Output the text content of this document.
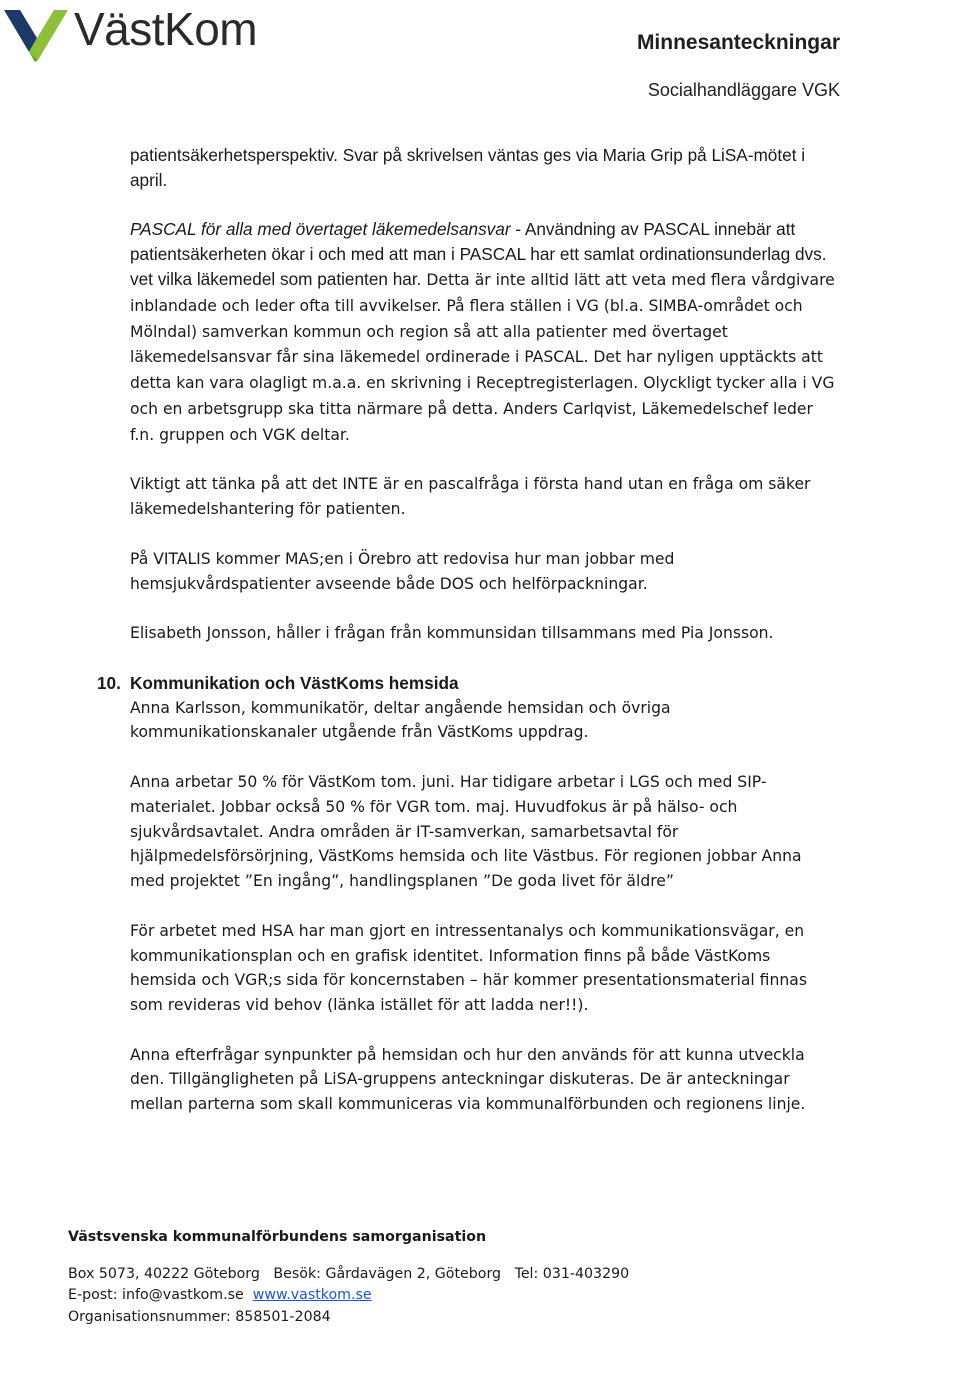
VästKom	Minnesanteckningar
Socialhandläggare VGK

patientsäkerhetsperspektiv. Svar på skrivelsen väntas ges via Maria Grip på LiSA-mötet i april.

PASCAL för alla med övertaget läkemedelsansvar - Användning av PASCAL innebär att patientsäkerheten ökar i och med att man i PASCAL har ett samlat ordinationsunderlag dvs. vet vilka läkemedel som patienten har. Detta är inte alltid lätt att veta med flera vårdgivare inblandade och leder ofta till avvikelser. På flera ställen i VG (bl.a. SIMBA-området och Mölndal) samverkan kommun och region så att alla patienter med övertaget läkemedelsansvar får sina läkemedel ordinerade i PASCAL. Det har nyligen upptäckts att detta kan vara olagligt m.a.a. en skrivning i Receptregisterlagen. Olyckligt tycker alla i VG och en arbetsgrupp ska titta närmare på detta. Anders Carlqvist, Läkemedelschef leder f.n. gruppen och VGK deltar.

Viktigt att tänka på att det INTE är en pascalfråga i första hand utan en fråga om säker läkemedelshantering för patienten.

På VITALIS kommer MAS;en i Örebro att redovisa hur man jobbar med hemsjukvårdspatienter avseende både DOS och helförpackningar.

Elisabeth Jonsson, håller i frågan från kommunsidan tillsammans med Pia Jonsson.

10. Kommunikation och VästKoms hemsida

Anna Karlsson, kommunikatör, deltar angående hemsidan och övriga kommunikationskanaler utgående från VästKoms uppdrag.

Anna arbetar 50 % för VästKom tom. juni. Har tidigare arbetar i LGS och med SIP-materialet. Jobbar också 50 % för VGR tom. maj. Huvudfokus är på hälso- och sjukvårdsavtalet. Andra områden är IT-samverkan, samarbetsavtal för hjälpmedelsförsörjning, VästKoms hemsida och lite Västbus. För regionen jobbar Anna med projektet ”En ingång”, handlingsplanen ”De goda livet för äldre”

För arbetet med HSA har man gjort en intressentanalys och kommunikationsvägar, en kommunikationsplan och en grafisk identitet. Information finns på både VästKoms hemsida och VGR;s sida för koncernstaben – här kommer presentationsmaterial finnas som revideras vid behov (länka istället för att ladda ner!!).

Anna efterfrågar synpunkter på hemsidan och hur den används för att kunna utveckla den. Tillgängligheten på LiSA-gruppens anteckningar diskuteras. De är anteckningar mellan parterna som skall kommuniceras via kommunalförbunden och regionens linje.

Västsvenska kommunalförbundens samorganisation
Box 5073, 40222 Göteborg   Besök: Gårdavägen 2, Göteborg   Tel: 031-403290
E-post: info@vastkom.se www.vastkom.se
Organisationsnummer: 858501-2084
